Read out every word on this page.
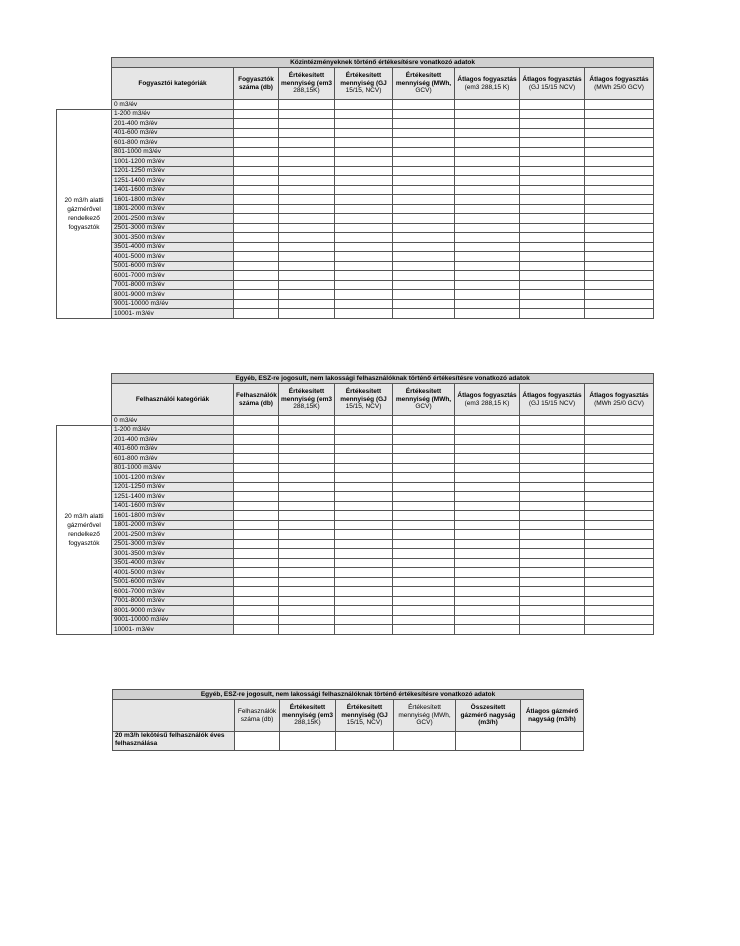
	Közintézményeknek történő értékesítésre vonatkozó adatok							
	Fogyasztói kategóriák	Fogyasztók száma (db)	Értékesített mennyiség (em3
288,15K)	Értékesített mennyiség (GJ
15/15, NCV)	Értékesített mennyiség (MWh,
GCV)	Átlagos fogyasztás
(em3 288,15 K)	Átlagos fogyasztás
(GJ 15/15 NCV)	Átlagos fogyasztás
(MWh 25/0 GCV)
	0 m3/év							
20 m3/h alatti gázmérővel rendelkező fogyasztók	1-200 m3/év							
	201-400 m3/év							
	401-600 m3/év							
	601-800 m3/év							
	801-1000 m3/év							
	1001-1200 m3/év							
	1201-1250 m3/év							
	1251-1400 m3/év							
	1401-1600 m3/év							
	1601-1800 m3/év							
	1801-2000 m3/év							
	2001-2500 m3/év							
	2501-3000 m3/év							
	3001-3500 m3/év							
	3501-4000 m3/év							
	4001-5000 m3/év							
	5001-6000 m3/év							
	6001-7000 m3/év							
	7001-8000 m3/év							
	8001-9000 m3/év							
	9001-10000 m3/év							
	10001- m3/év							
	Egyéb, ESZ-re jogosult, nem lakossági felhasználóknak történő értékesítésre vonatkozó adatok							
	Felhasználói kategóriák	Felhasználók száma (db)	Értékesített mennyiség (em3
288,15K)	Értékesített mennyiség (GJ
15/15, NCV)	Értékesített mennyiség (MWh,
GCV)	Átlagos fogyasztás
(em3 288,15 K)	Átlagos fogyasztás
(GJ 15/15 NCV)	Átlagos fogyasztás
(MWh 25/0 GCV)
	0 m3/év							
20 m3/h alatti gázmérővel rendelkező fogyasztók	1-200 m3/év							
	201-400 m3/év							
	401-600 m3/év							
	601-800 m3/év							
	801-1000 m3/év							
	1001-1200 m3/év							
	1201-1250 m3/év							
	1251-1400 m3/év							
	1401-1600 m3/év							
	1601-1800 m3/év							
	1801-2000 m3/év							
	2001-2500 m3/év							
	2501-3000 m3/év							
	3001-3500 m3/év							
	3501-4000 m3/év							
	4001-5000 m3/év							
	5001-6000 m3/év							
	6001-7000 m3/év							
	7001-8000 m3/év							
	8001-9000 m3/év							
	9001-10000 m3/év							
	10001- m3/év							
Egyéb, ESZ-re jogosult, nem lakossági felhasználóknak történő értékesítésre vonatkozó adatok						
	Felhasználók száma (db)	Értékesített mennyiség (em3
288,15K)	Értékesített mennyiség (GJ
15/15, NCV)	Értékesített mennyiség (MWh, GCV)	Összesített gázmérő nagyság (m3/h)	Átlagos gázmérő nagyság (m3/h)

20 m3/h lekötésű felhasználók éves felhasználása						
